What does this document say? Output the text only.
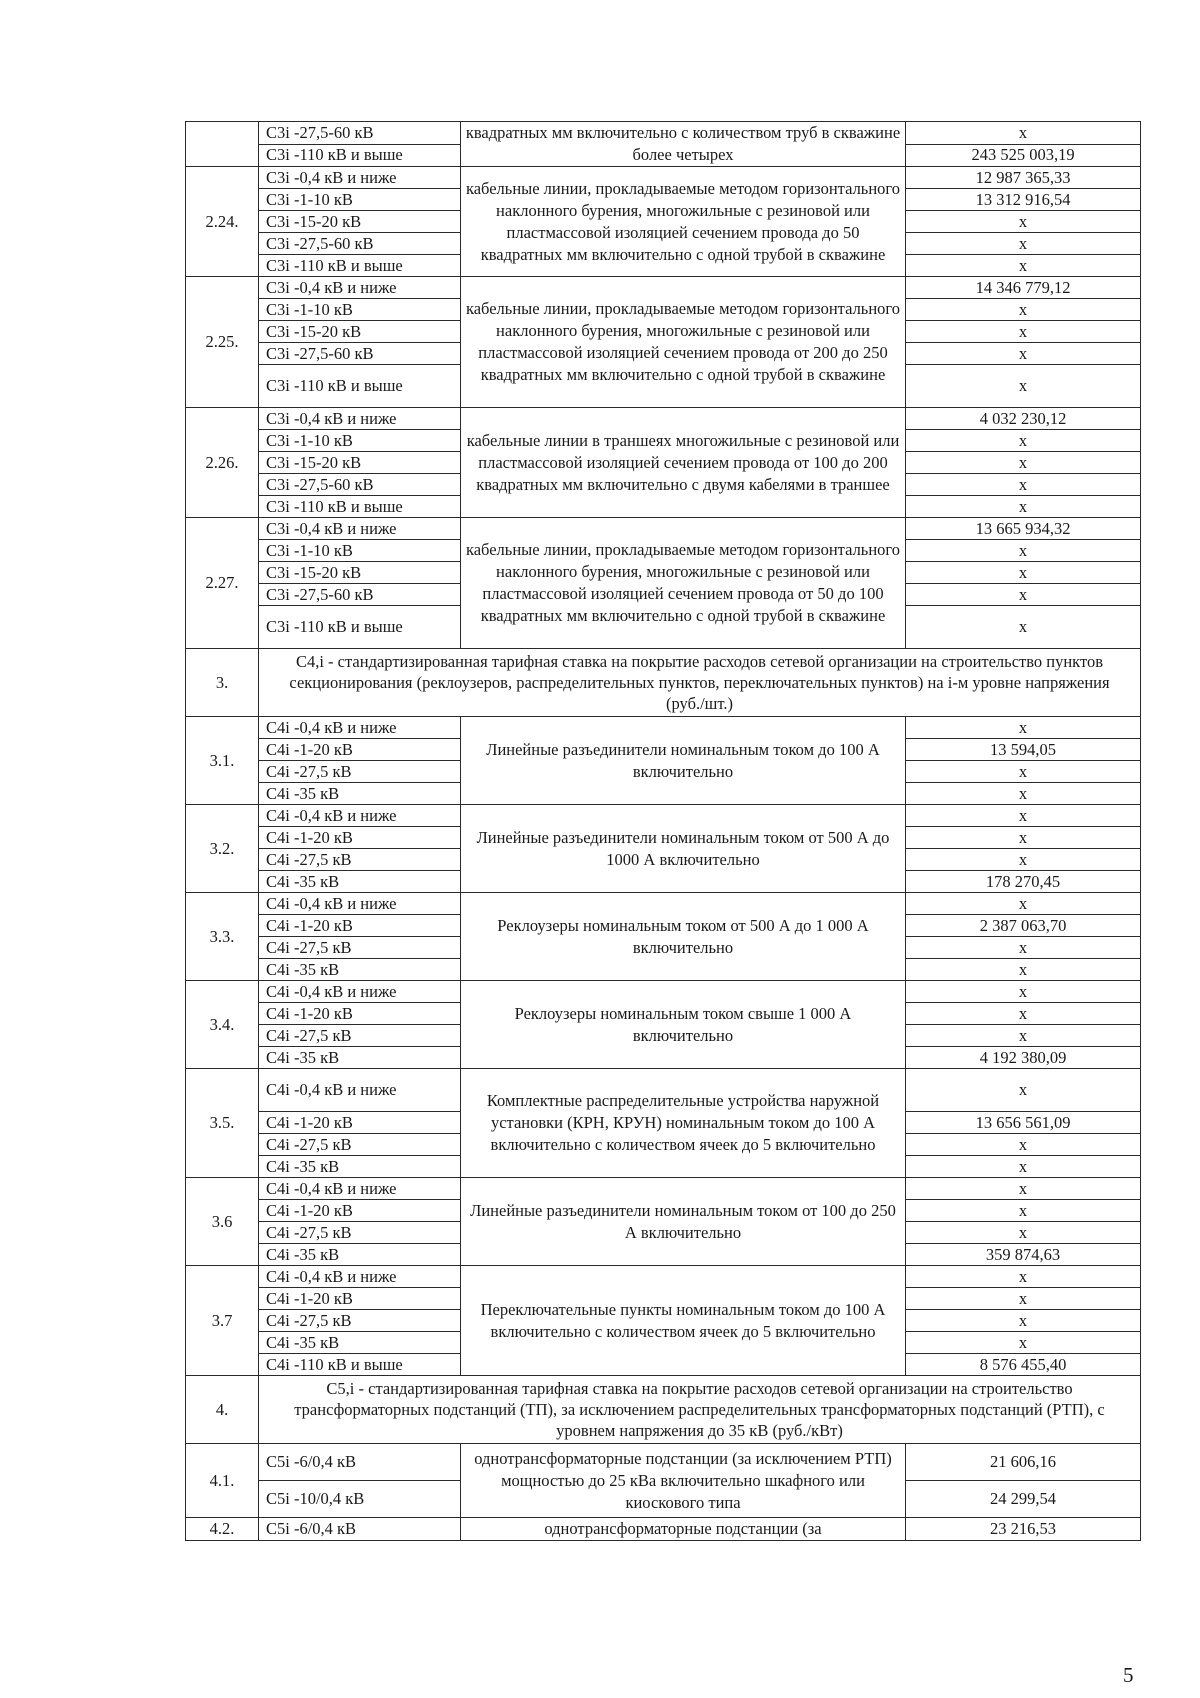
	С3i -27,5-60 кВ	квадратных мм включительно с количеством труб в скважине более четырех	х
	С3i -110 кВ и выше		243 525 003,19
2.24.	С3i -0,4 кВ и ниже	кабельные линии, прокладываемые методом горизонтального наклонного бурения, многожильные с резиновой или пластмассовой изоляцией сечением провода до 50 квадратных мм включительно с одной трубой в скважине	12 987 365,33
	С3i -1-10 кВ		13 312 916,54
	С3i -15-20 кВ		х
	С3i -27,5-60 кВ		х
	С3i -110 кВ и выше		х
2.25.	С3i -0,4 кВ и ниже	кабельные линии, прокладываемые методом горизонтального наклонного бурения, многожильные с резиновой или пластмассовой изоляцией сечением провода от 200 до 250 квадратных мм включительно с одной трубой в скважине	14 346 779,12
	С3i -1-10 кВ		х
	С3i -15-20 кВ		х
	С3i -27,5-60 кВ		х
	С3i -110 кВ и выше		х
2.26.	С3i -0,4 кВ и ниже	кабельные линии в траншеях многожильные с резиновой или пластмассовой изоляцией сечением провода от 100 до 200 квадратных мм включительно с двумя кабелями в траншее	4 032 230,12
	С3i -1-10 кВ		х
	С3i -15-20 кВ		х
	С3i -27,5-60 кВ		х
	С3i -110 кВ и выше		х
2.27.	С3i -0,4 кВ и ниже	кабельные линии, прокладываемые методом горизонтального наклонного бурения, многожильные с резиновой или пластмассовой изоляцией сечением провода от 50 до 100 квадратных мм включительно с одной трубой в скважине	13 665 934,32
	С3i -1-10 кВ		х
	С3i -15-20 кВ		х
	С3i -27,5-60 кВ		х
	С3i -110 кВ и выше		х
3.	С4,i - стандартизированная тарифная ставка на покрытие расходов сетевой организации на строительство пунктов секционирования (реклоузеров, распределительных пунктов, переключательных пунктов) на i-м уровне напряжения (руб./шт.)		
3.1.	С4i -0,4 кВ и ниже	Линейные разъединители номинальным током до 100 А включительно	х
	С4i -1-20 кВ		13 594,05
	С4i -27,5 кВ		х
	С4i -35 кВ		х
3.2.	С4i -0,4 кВ и ниже	Линейные разъединители номинальным током от 500 А до 1000 А включительно	х
	С4i -1-20 кВ		х
	С4i -27,5 кВ		х
	С4i -35 кВ		178 270,45
3.3.	С4i -0,4 кВ и ниже	Реклоузеры номинальным током от 500 А до 1 000 А включительно	х
	С4i -1-20 кВ		2 387 063,70
	С4i -27,5 кВ		х
	С4i -35 кВ		х
3.4.	С4i -0,4 кВ и ниже	Реклоузеры номинальным током свыше 1 000 А включительно	х
	С4i -1-20 кВ		х
	С4i -27,5 кВ		х
	С4i -35 кВ		4 192 380,09
3.5.	С4i -0,4 кВ и ниже	Комплектные распределительные устройства наружной установки (КРН, КРУН) номинальным током до 100 А включительно с количеством ячеек до 5 включительно	х
	С4i -1-20 кВ		13 656 561,09
	С4i -27,5 кВ		х
	С4i -35 кВ		х
3.6	С4i -0,4 кВ и ниже	Линейные разъединители номинальным током от 100 до 250 А включительно	х
	С4i -1-20 кВ		х
	С4i -27,5 кВ		х
	С4i -35 кВ		359 874,63
3.7	С4i -0,4 кВ и ниже	Переключательные пункты номинальным током до 100 А включительно с количеством ячеек до 5 включительно	х
	С4i -1-20 кВ		х
	С4i -27,5 кВ		х
	С4i -35 кВ		х
	С4i -110 кВ и выше		8 576 455,40
4.	С5,i - стандартизированная тарифная ставка на покрытие расходов сетевой организации на строительство трансформаторных подстанций (ТП), за исключением распределительных трансформаторных подстанций (РТП), с уровнем напряжения до 35 кВ (руб./кВт)		
4.1.	С5i -6/0,4 кВ	однотрансформаторные подстанции (за исключением РТП) мощностью до 25 кВа включительно шкафного или киоскового типа	21 606,16
	С5i -10/0,4 кВ		24 299,54
4.2.	С5i -6/0,4 кВ	однотрансформаторные подстанции (за	23 216,53
5
